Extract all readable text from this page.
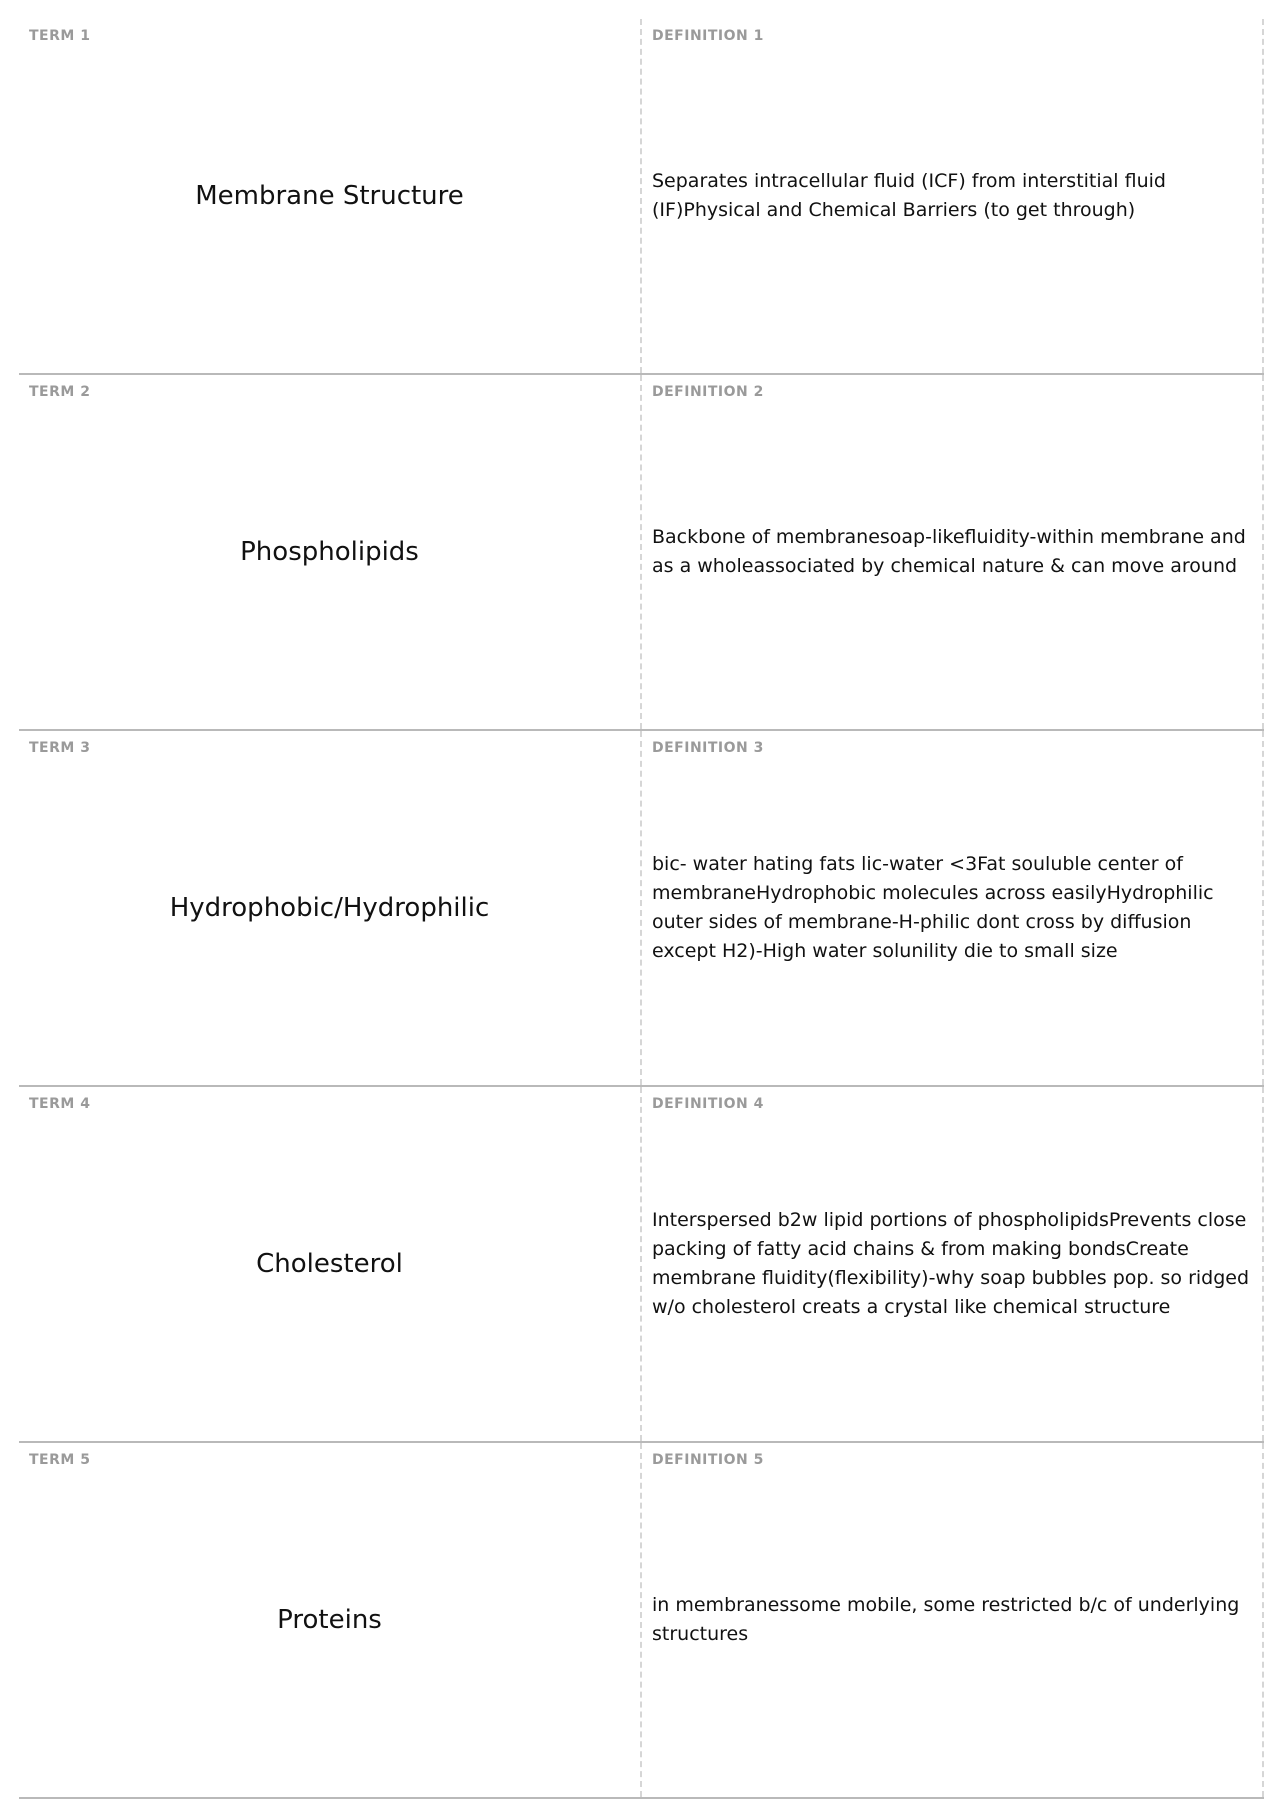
TERM 1
Membrane Structure
DEFINITION 1
Separates intracellular fluid (ICF) from interstitial fluid (IF)Physical and Chemical Barriers (to get through)
TERM 2
Phospholipids
DEFINITION 2
Backbone of membranesoap-likefluidity-within membrane and as a wholeassociated by chemical nature & can move around
TERM 3
Hydrophobic/Hydrophilic
DEFINITION 3
bic- water hating fats lic-water <3Fat souluble center of membraneHydrophobic molecules across easilyHydrophilic outer sides of membrane-H-philic dont cross by diffusion except H2)-High water solunility die to small size
TERM 4
Cholesterol
DEFINITION 4
Interspersed b2w lipid portions of phospholipidsPrevents close packing of fatty acid chains & from making bondsCreate membrane fluidity(flexibility)-why soap bubbles pop. so ridged w/o cholesterol creats a crystal like chemical structure
TERM 5
Proteins
DEFINITION 5
in membranessome mobile, some restricted b/c of underlying structures
